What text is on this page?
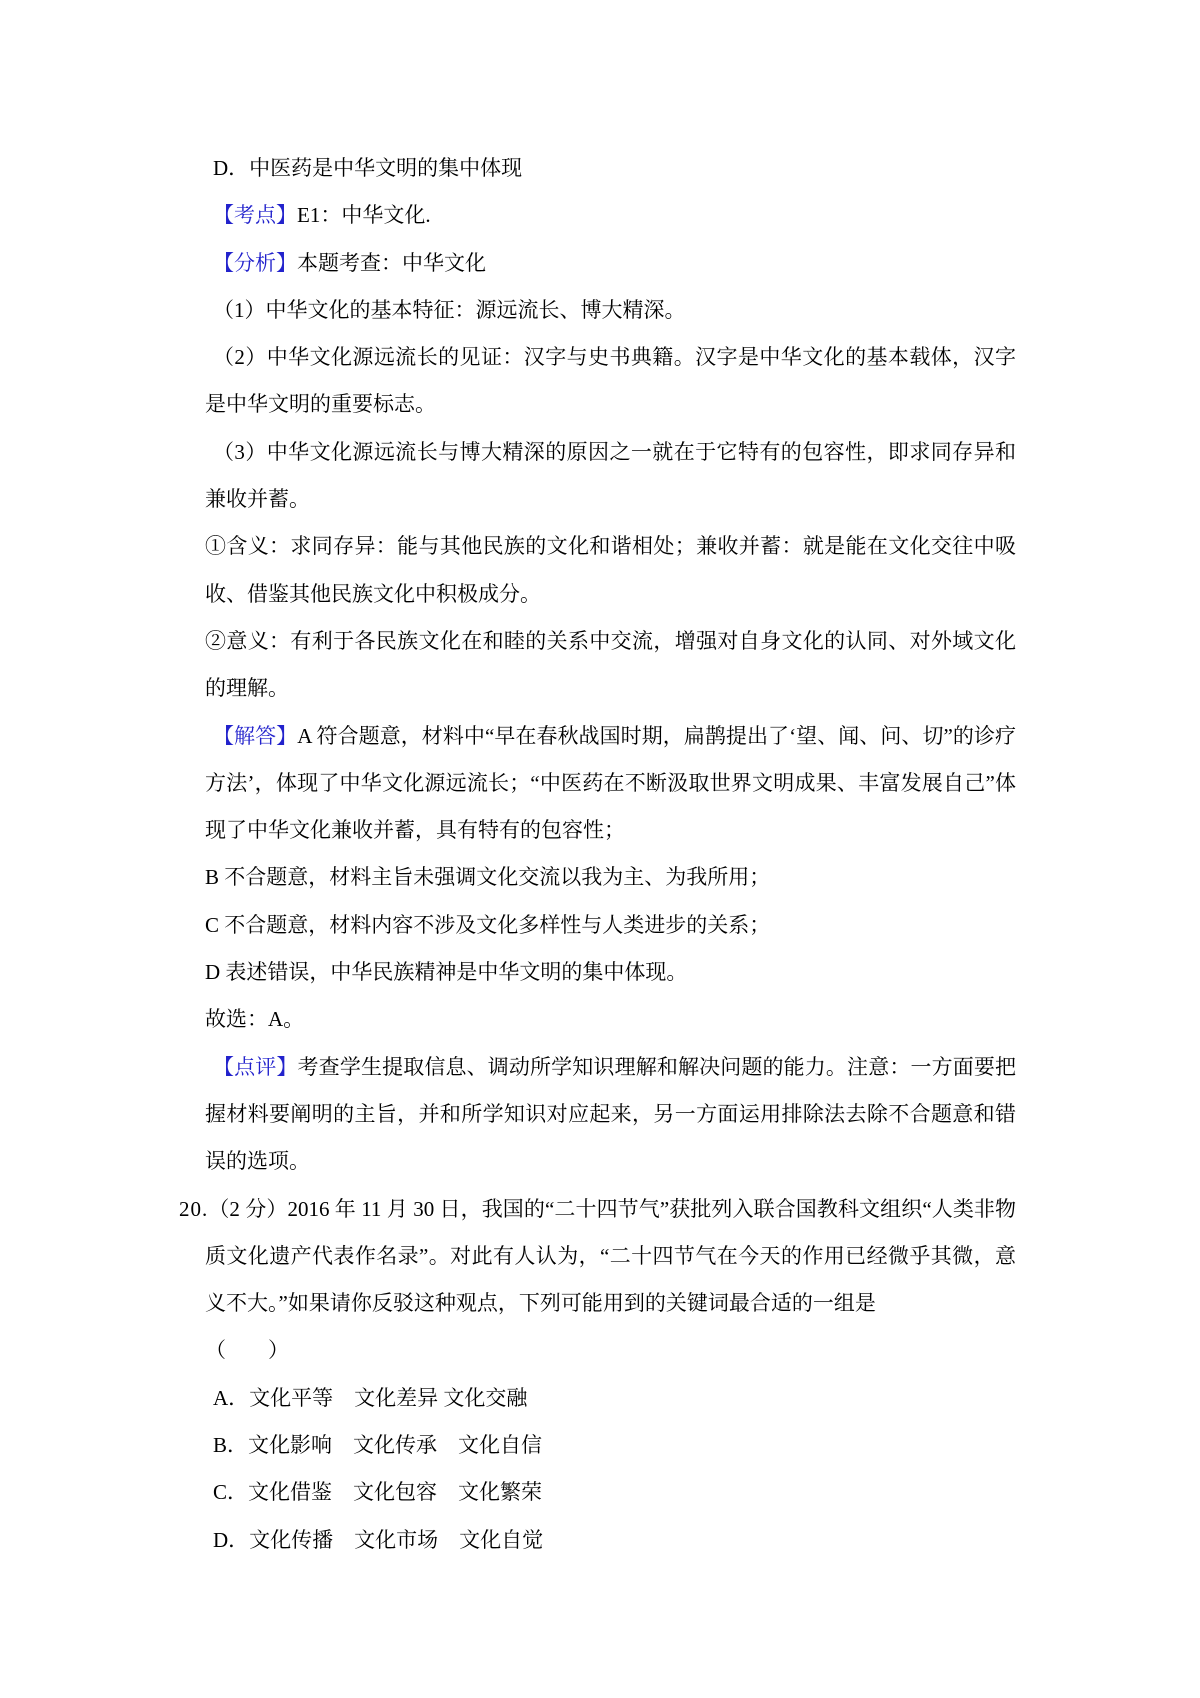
D．中医药是中华文明的集中体现

【考点】E1：中华文化.

【分析】本题考查：中华文化

（1）中华文化的基本特征：源远流长、博大精深。

（2）中华文化源远流长的见证：汉字与史书典籍。汉字是中华文化的基本载体，汉字是中华文明的重要标志。

（3）中华文化源远流长与博大精深的原因之一就在于它特有的包容性，即求同存异和兼收并蓄。

①含义：求同存异：能与其他民族的文化和谐相处；兼收并蓄：就是能在文化交往中吸收、借鉴其他民族文化中积极成分。

②意义：有利于各民族文化在和睦的关系中交流，增强对自身文化的认同、对外域文化的理解。

【解答】A 符合题意，材料中“早在春秋战国时期，扁鹊提出了‘望、闻、问、切”的诊疗方法’，体现了中华文化源远流长；“中医药在不断汲取世界文明成果、丰富发展自己”体现了中华文化兼收并蓄，具有特有的包容性；

B 不合题意，材料主旨未强调文化交流以我为主、为我所用；

C 不合题意，材料内容不涉及文化多样性与人类进步的关系；

D 表述错误，中华民族精神是中华文明的集中体现。

故选：A。

【点评】考查学生提取信息、调动所学知识理解和解决问题的能力。注意：一方面要把握材料要阐明的主旨，并和所学知识对应起来，另一方面运用排除法去除不合题意和错误的选项。

20.（2 分）2016 年 11 月 30 日，我国的“二十四节气”获批列入联合国教科文组织“人类非物质文化遗产代表作名录”。对此有人认为，“二十四节气在今天的作用已经微乎其微，意义不大。”如果请你反驳这种观点，下列可能用到的关键词最合适的一组是

（　　）

A．文化平等　文化差异 文化交融

B．文化影响　文化传承　文化自信

C．文化借鉴　文化包容　文化繁荣

D．文化传播　文化市场　文化自觉
